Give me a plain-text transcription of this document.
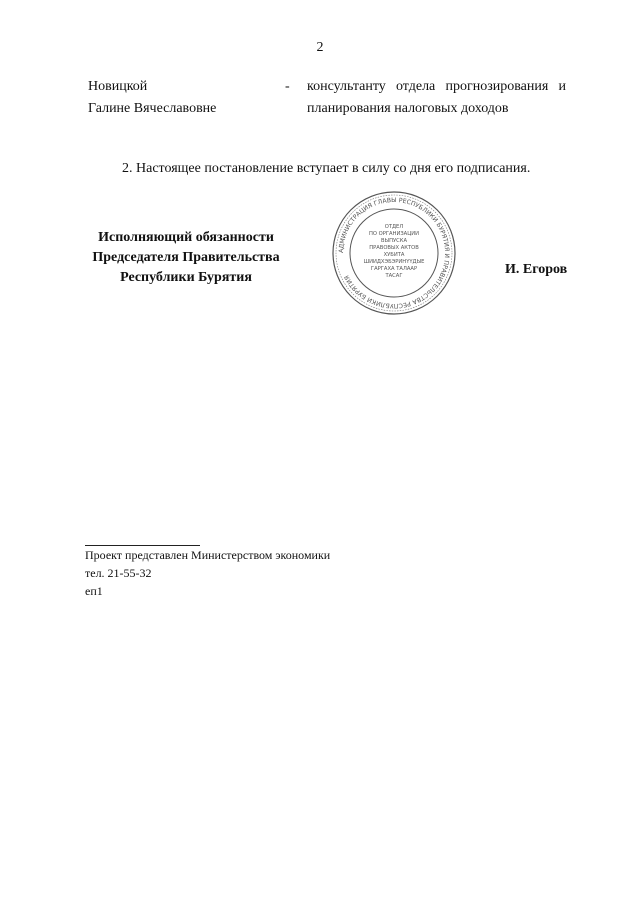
2
Новицкой
Галине Вячеславовне
- консультанту отдела прогнозирования и
планирования налоговых доходов
2. Настоящее постановление вступает в силу со дня его подписания.
Исполняющий обязанности
Председателя Правительства
Республики Бурятия
АДМИНИСТРАЦИЯ ГЛАВЫ РЕСПУБЛИКИ БУРЯТИЯ И ПРАВИТЕЛЬСТВА РЕСПУБЛИКИ БУРЯТИЯ
ОТДЕЛ
ПО ОРГАНИЗАЦИИ
ВЫПУСКА
ПРАВОВЫХ АКТОВ
ХУБИТА
ШИИДХЭБЭРИНҮҮДЫЕ
ГАРГАХА ТАЛААР
ТАСАГ	И. Егоров
Проект представлен Министерством экономики
тел. 21-55-32
еп1
